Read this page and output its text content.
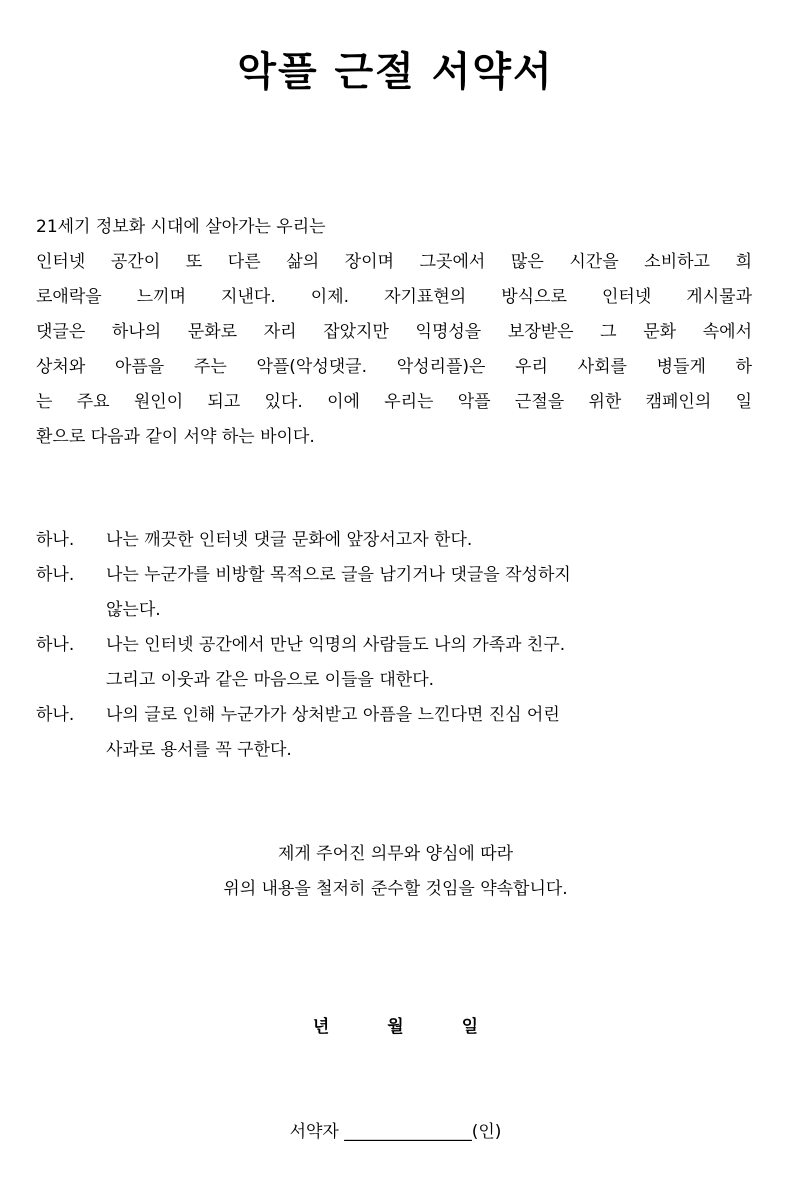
악플 근절 서약서
21세기 정보화 시대에 살아가는 우리는
인터넷 공간이 또 다른 삶의 장이며 그곳에서 많은 시간을 소비하고 희
로애락을 느끼며 지낸다. 이제. 자기표현의 방식으로 인터넷 게시물과
댓글은 하나의 문화로 자리 잡았지만 익명성을 보장받은 그 문화 속에서
상처와 아픔을 주는 악플(악성댓글. 악성리플)은 우리 사회를 병들게 하
는 주요 원인이 되고 있다. 이에 우리는 악플 근절을 위한 캠페인의 일
환으로 다음과 같이 서약 하는 바이다.
하나.	나는 깨끗한 인터넷 댓글 문화에 앞장서고자 한다.
하나.	나는 누군가를 비방할 목적으로 글을 남기거나 댓글을 작성하지
않는다.
하나.	나는 인터넷 공간에서 만난 익명의 사람들도 나의 가족과 친구.
그리고 이웃과 같은 마음으로 이들을 대한다.
하나.	나의 글로 인해 누군가가 상처받고 아픔을 느낀다면 진심 어린
사과로 용서를 꼭 구한다.
제게 주어진 의무와 양심에 따라
위의 내용을 철저히 준수할 것임을 약속합니다.
년	월	일
서약자 _______________(인)
